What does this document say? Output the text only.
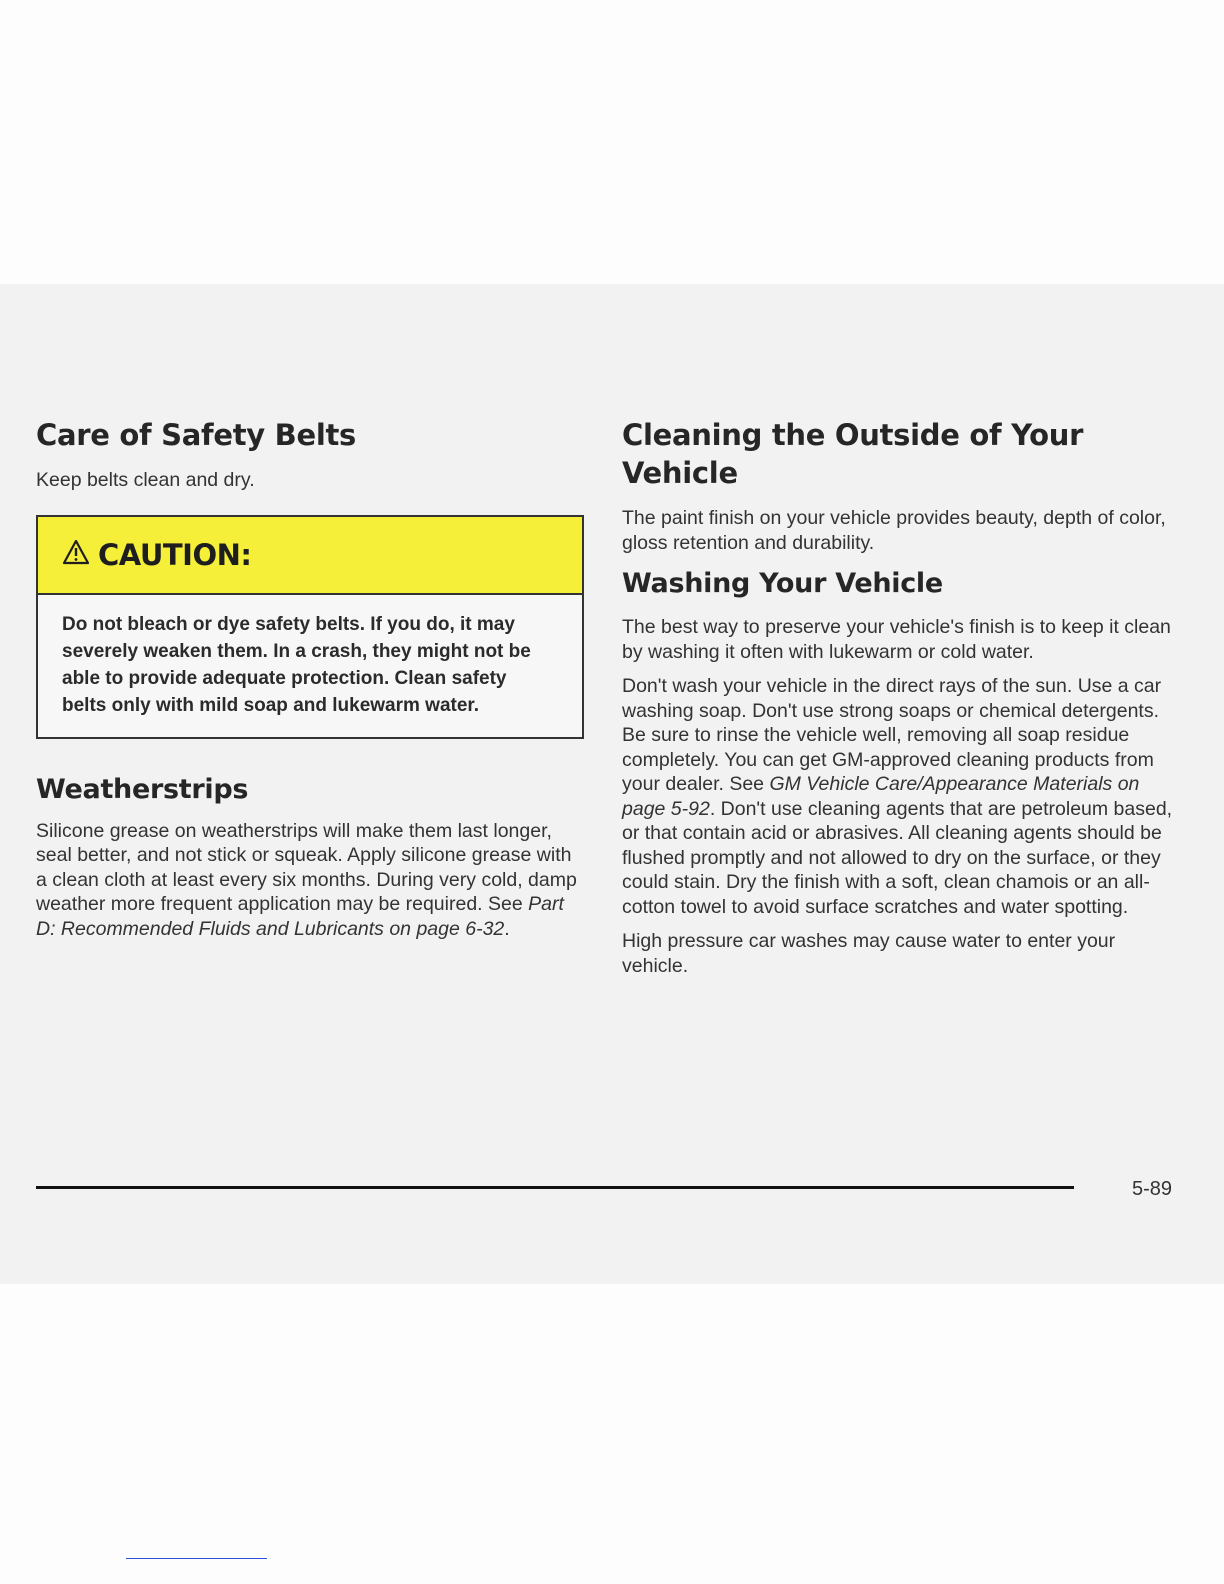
Care of Safety Belts

Keep belts clean and dry.

CAUTION:
Do not bleach or dye safety belts. If you do, it may severely weaken them. In a crash, they might not be able to provide adequate protection. Clean safety belts only with mild soap and lukewarm water.
Weatherstrips

Silicone grease on weatherstrips will make them last longer, seal better, and not stick or squeak. Apply silicone grease with a clean cloth at least every six months. During very cold, damp weather more frequent application may be required. See Part D: Recommended Fluids and Lubricants on page 6-32.

Cleaning the Outside of Your Vehicle

The paint finish on your vehicle provides beauty, depth of color, gloss retention and durability.

Washing Your Vehicle

The best way to preserve your vehicle's finish is to keep it clean by washing it often with lukewarm or cold water.

Don't wash your vehicle in the direct rays of the sun. Use a car washing soap. Don't use strong soaps or chemical detergents. Be sure to rinse the vehicle well, removing all soap residue completely. You can get GM-approved cleaning products from your dealer. See GM Vehicle Care/Appearance Materials on page 5-92. Don't use cleaning agents that are petroleum based, or that contain acid or abrasives. All cleaning agents should be flushed promptly and not allowed to dry on the surface, or they could stain. Dry the finish with a soft, clean chamois or an all-cotton towel to avoid surface scratches and water spotting.

High pressure car washes may cause water to enter your vehicle.

5-89
